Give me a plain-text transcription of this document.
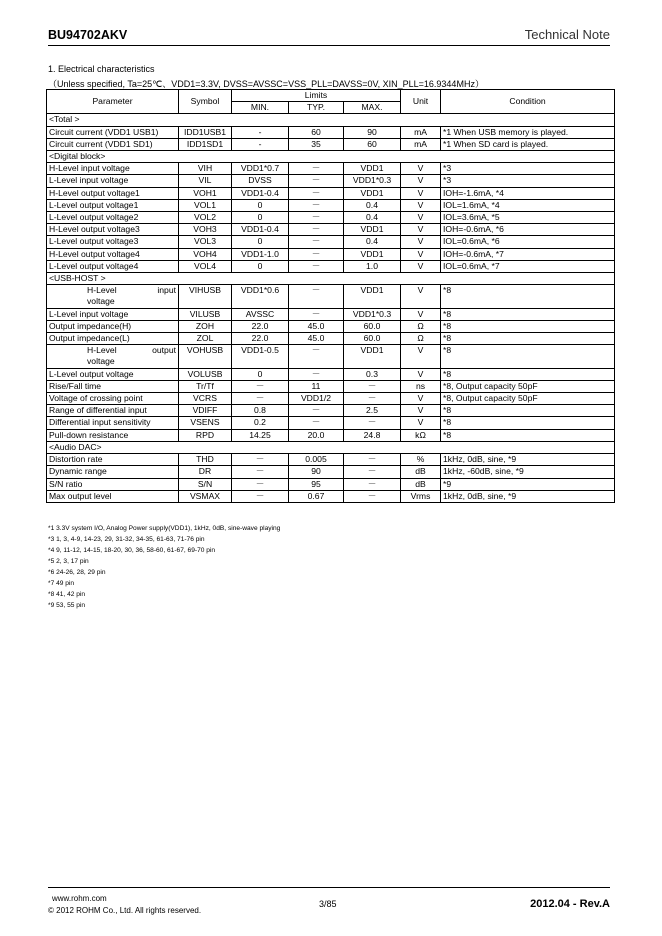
BU94702AKV	Technical Note
1. Electrical characteristics
（Unless specified, Ta=25℃、VDD1=3.3V, DVSS=AVSSC=VSS_PLL=DAVSS=0V, XIN_PLL=16.9344MHz）
Parameter	Symbol	Limits			Unit	Condition
		MIN.	TYP.	MAX.		
<Total >						
Circuit current (VDD1 USB1)	IDD1USB1	-	60	90	mA	*1 When USB memory is played.
Circuit current (VDD1 SD1)	IDD1SD1	-	35	60	mA	*1 When SD card is played.
<Digital block>						
H-Level input voltage	VIH	VDD1*0.7	－	VDD1	V	*3
L-Level input voltage	VIL	DVSS	－	VDD1*0.3	V	*3
H-Level output voltage1	VOH1	VDD1-0.4	－	VDD1	V	IOH=-1.6mA, *4
L-Level output voltage1	VOL1	0	－	0.4	V	IOL=1.6mA, *4
L-Level output voltage2	VOL2	0	－	0.4	V	IOL=3.6mA, *5
H-Level output voltage3	VOH3	VDD1-0.4	－	VDD1	V	IOH=-0.6mA, *6
L-Level output voltage3	VOL3	0	－	0.4	V	IOL=0.6mA, *6
H-Level output voltage4	VOH4	VDD1-1.0	－	VDD1	V	IOH=-0.6mA, *7
L-Level output voltage4	VOL4	0	－	1.0	V	IOL=0.6mA, *7
<USB-HOST >						

H-Level input
voltage	VIHUSB	VDD1*0.6	－	VDD1	V	*8
L-Level input voltage	VILUSB	AVSSC	－	VDD1*0.3	V	*8
Output impedance(H)	ZOH	22.0	45.0	60.0	Ω	*8
Output impedance(L)	ZOL	22.0	45.0	60.0	Ω	*8

H-Level output
voltage	VOHUSB	VDD1-0.5	－	VDD1	V	*8
L-Level output voltage	VOLUSB	0	－	0.3	V	*8
Rise/Fall time	Tr/Tf	－	11	－	ns	*8, Output capacity 50pF
Voltage of crossing point	VCRS	－	VDD1/2	－	V	*8, Output capacity 50pF
Range of differential input	VDIFF	0.8	－	2.5	V	*8
Differential input sensitivity	VSENS	0.2	－	－	V	*8
Pull-down resistance	RPD	14.25	20.0	24.8	kΩ	*8
<Audio DAC>						
Distortion rate	THD	－	0.005	－	%	1kHz, 0dB, sine, *9
Dynamic range	DR	－	90	－	dB	1kHz, -60dB, sine, *9
S/N ratio	S/N	－	95	－	dB	*9
Max output level	VSMAX	－	0.67	－	Vrms	1kHz, 0dB, sine, *9
*1 3.3V system I/O, Analog Power supply(VDD1), 1kHz, 0dB, sine-wave playing
*3 1, 3, 4-9, 14-23, 29, 31-32, 34-35, 61-63, 71-76 pin
*4 9, 11-12, 14-15, 18-20, 30, 36, 58-60, 61-67, 69-70 pin
*5 2, 3, 17 pin
*6 24-26, 28, 29 pin
*7 49 pin
*8 41, 42 pin
*9 53, 55 pin
www.rohm.com
© 2012 ROHM Co., Ltd. All rights reserved.
3/85	2012.04 - Rev.A
